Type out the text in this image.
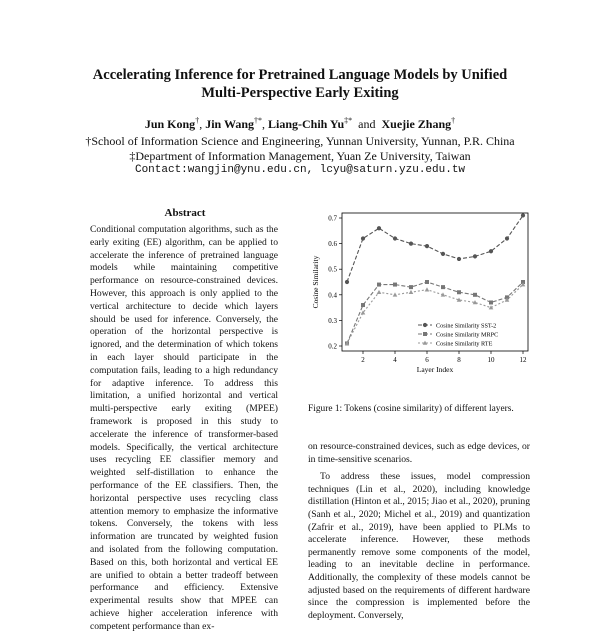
Accelerating Inference for Pretrained Language Models by Unified
Multi-Perspective Early Exiting
Jun Kong†, Jin Wang†*, Liang-Chih Yu‡* and Xuejie Zhang†
†School of Information Science and Engineering, Yunnan University, Yunnan, P.R. China
‡Department of Information Management, Yuan Ze University, Taiwan
Contact:wangjin@ynu.edu.cn, lcyu@saturn.yzu.edu.tw
Abstract
Conditional computation algorithms, such as the early exiting (EE) algorithm, can be applied to accelerate the inference of pretrained language models while maintaining competitive performance on resource-constrained devices. However, this approach is only applied to the vertical architecture to decide which layers should be used for inference. Conversely, the operation of the horizontal perspective is ignored, and the determination of which tokens in each layer should participate in the computation fails, leading to a high redundancy for adaptive inference. To address this limitation, a unified horizontal and vertical multi-perspective early exiting (MPEE) framework is proposed in this study to accelerate the inference of transformer-based models. Specifically, the vertical architecture uses recycling EE classifier memory and weighted self-distillation to enhance the performance of the EE classifiers. Then, the horizontal perspective uses recycling class attention memory to emphasize the informative tokens. Conversely, the tokens with less information are truncated by weighted fusion and isolated from the following computation. Based on this, both horizontal and vertical EE are unified to obtain a better tradeoff between performance and efficiency. Extensive experimental results show that MPEE can achieve higher acceleration inference with competent performance than ex-
2	4	6	8	10	12
0.2
0.3
0.4
0.5
0.6
0.7
Layer Index
Cosine Similarity
Cosine Similarity SST-2
Cosine Similarity MRPC
Cosine Similarity RTE
Figure 1: Tokens (cosine similarity) of different layers.

on resource-constrained devices, such as edge devices, or in time-sensitive scenarios.

To address these issues, model compression techniques (Lin et al., 2020), including knowledge distillation (Hinton et al., 2015; Jiao et al., 2020), pruning (Sanh et al., 2020; Michel et al., 2019) and quantization (Zafrir et al., 2019), have been applied to PLMs to accelerate inference. However, these methods permanently remove some components of the model, leading to an inevitable decline in performance. Additionally, the complexity of these models cannot be adjusted based on the requirements of different hardware since the compression is implemented before the deployment. Conversely,
